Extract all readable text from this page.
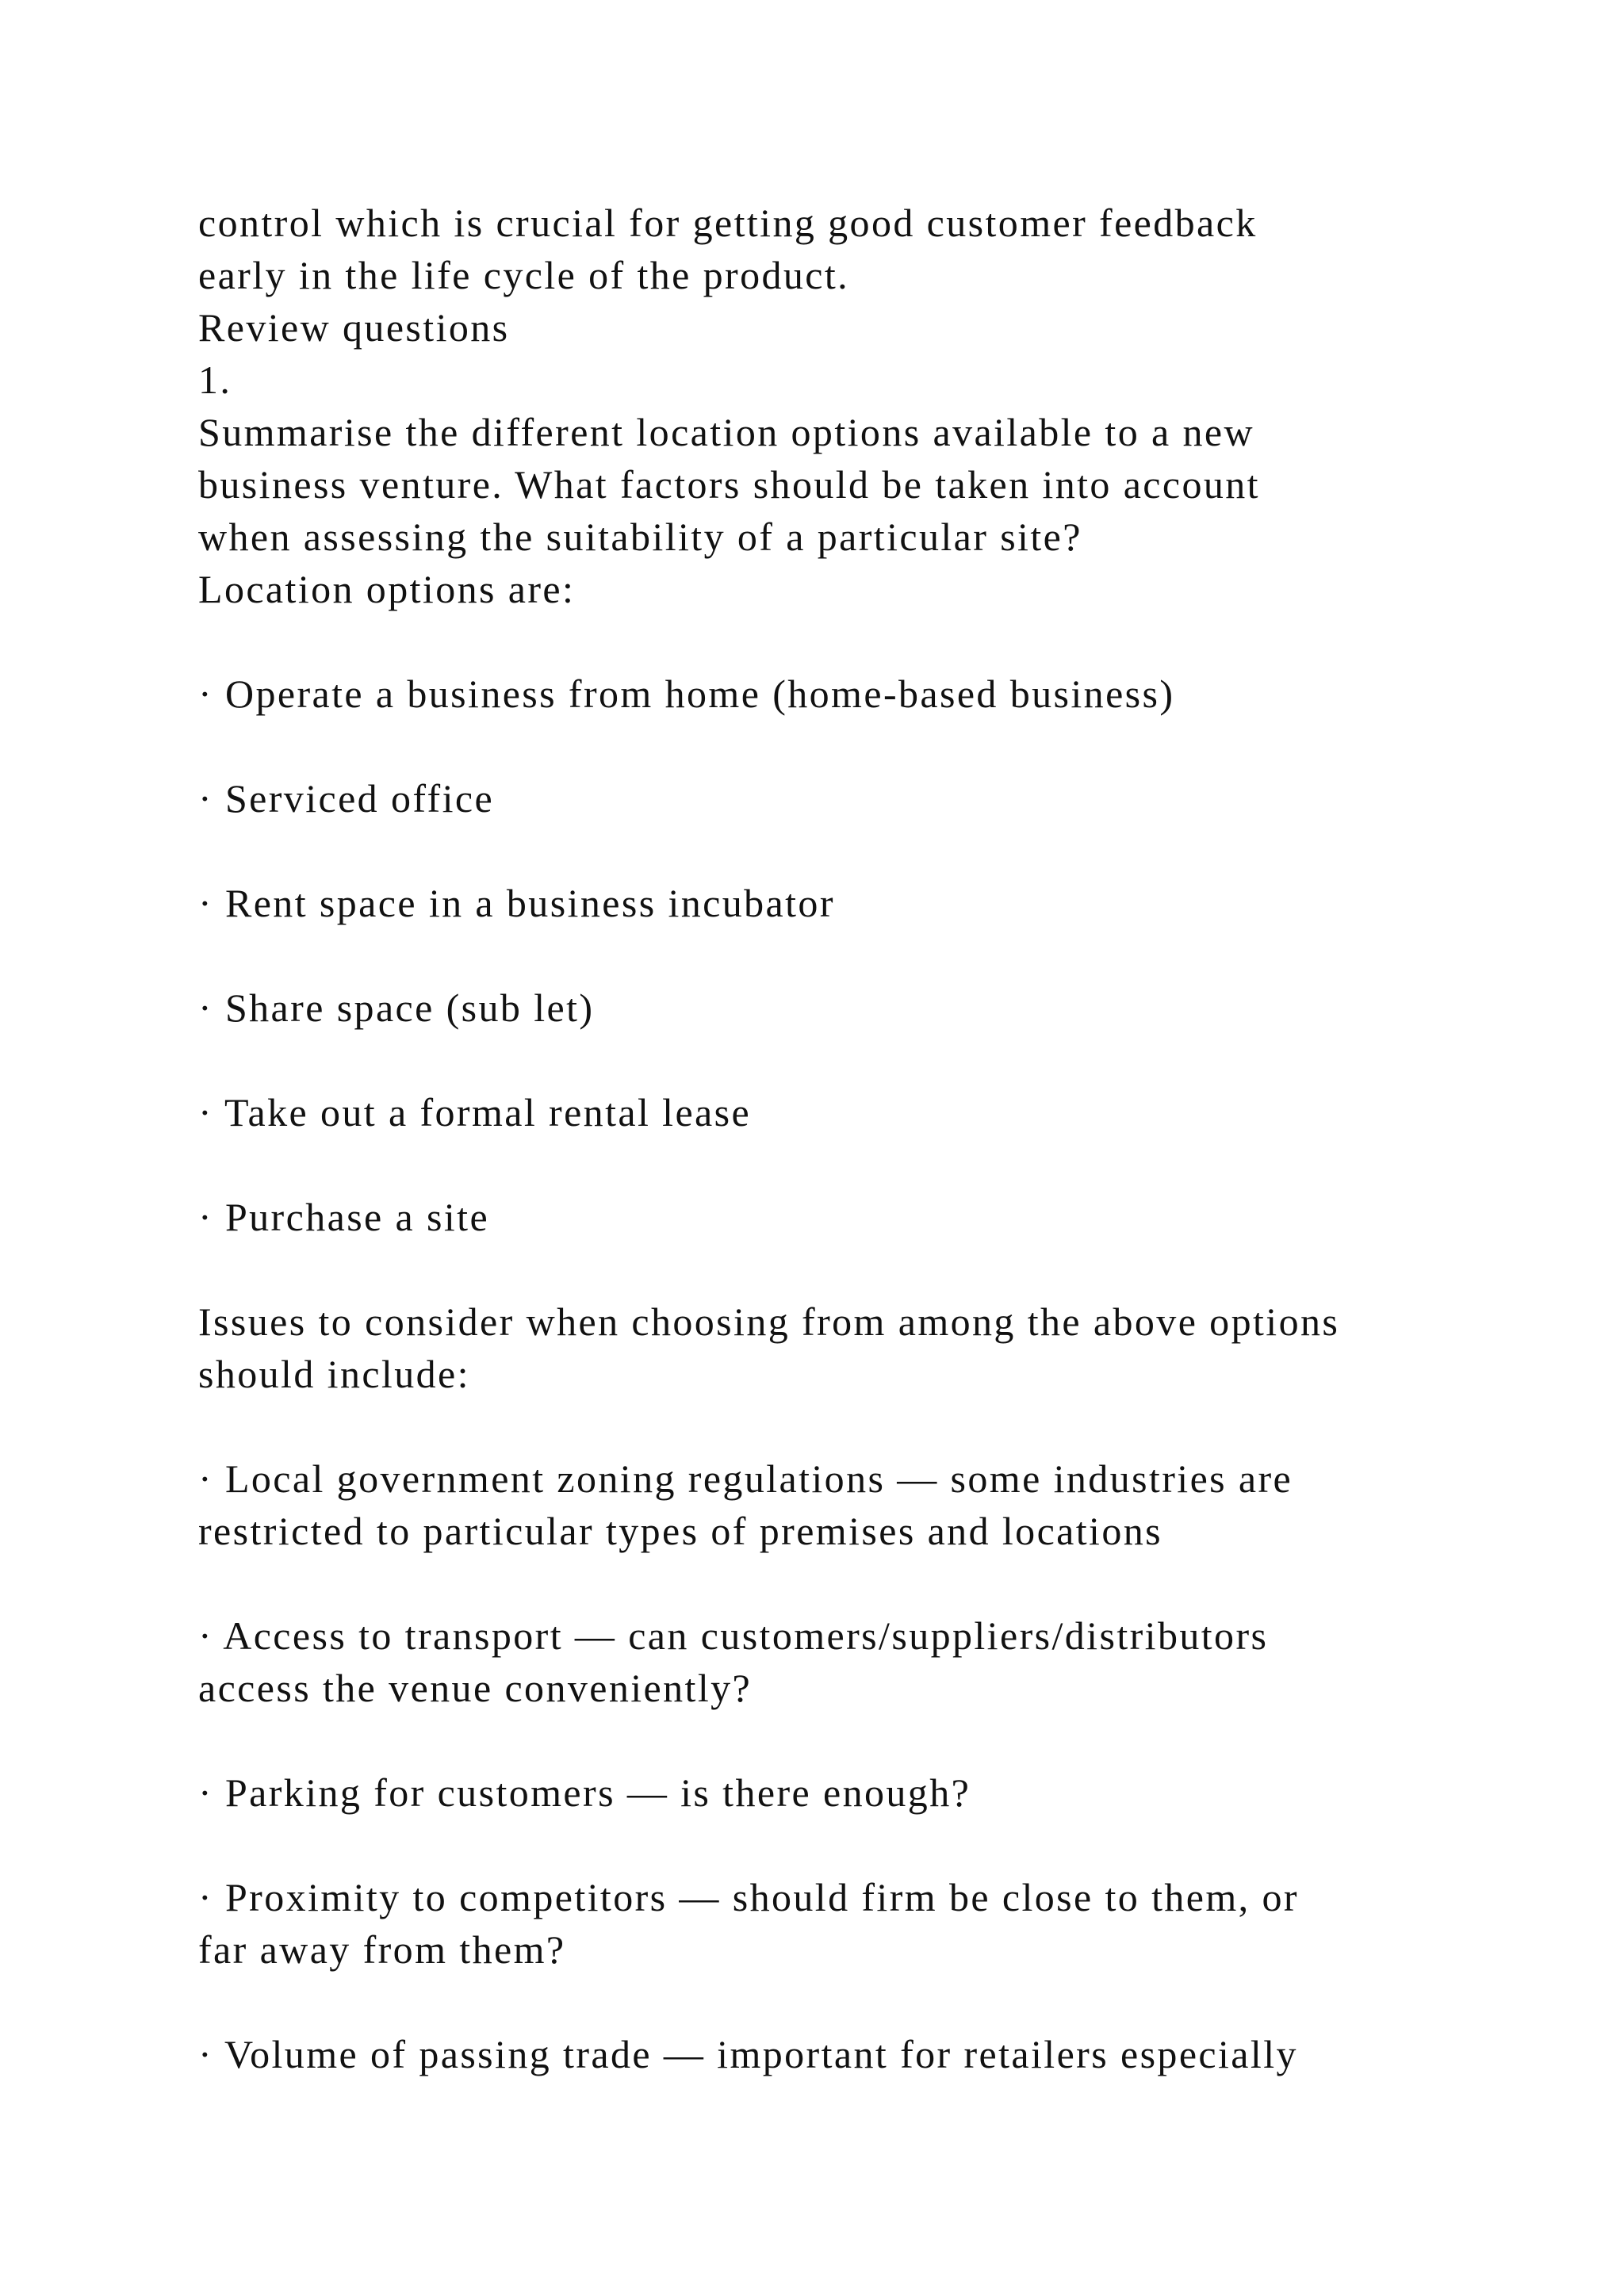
control which is crucial for getting good customer feedback
early in the life cycle of the product.
Review questions
1.
Summarise the different location options available to a new
business venture. What factors should be taken into account
when assessing the suitability of a particular site?
Location options are:
· Operate a business from home (home-based business)
· Serviced office
· Rent space in a business incubator
· Share space (sub let)
· Take out a formal rental lease
· Purchase a site
Issues to consider when choosing from among the above options
should include:
· Local government zoning regulations — some industries are
restricted to particular types of premises and locations
· Access to transport — can customers/suppliers/distributors
access the venue conveniently?
· Parking for customers — is there enough?
· Proximity to competitors — should firm be close to them, or
far away from them?
· Volume of passing trade — important for retailers especially
